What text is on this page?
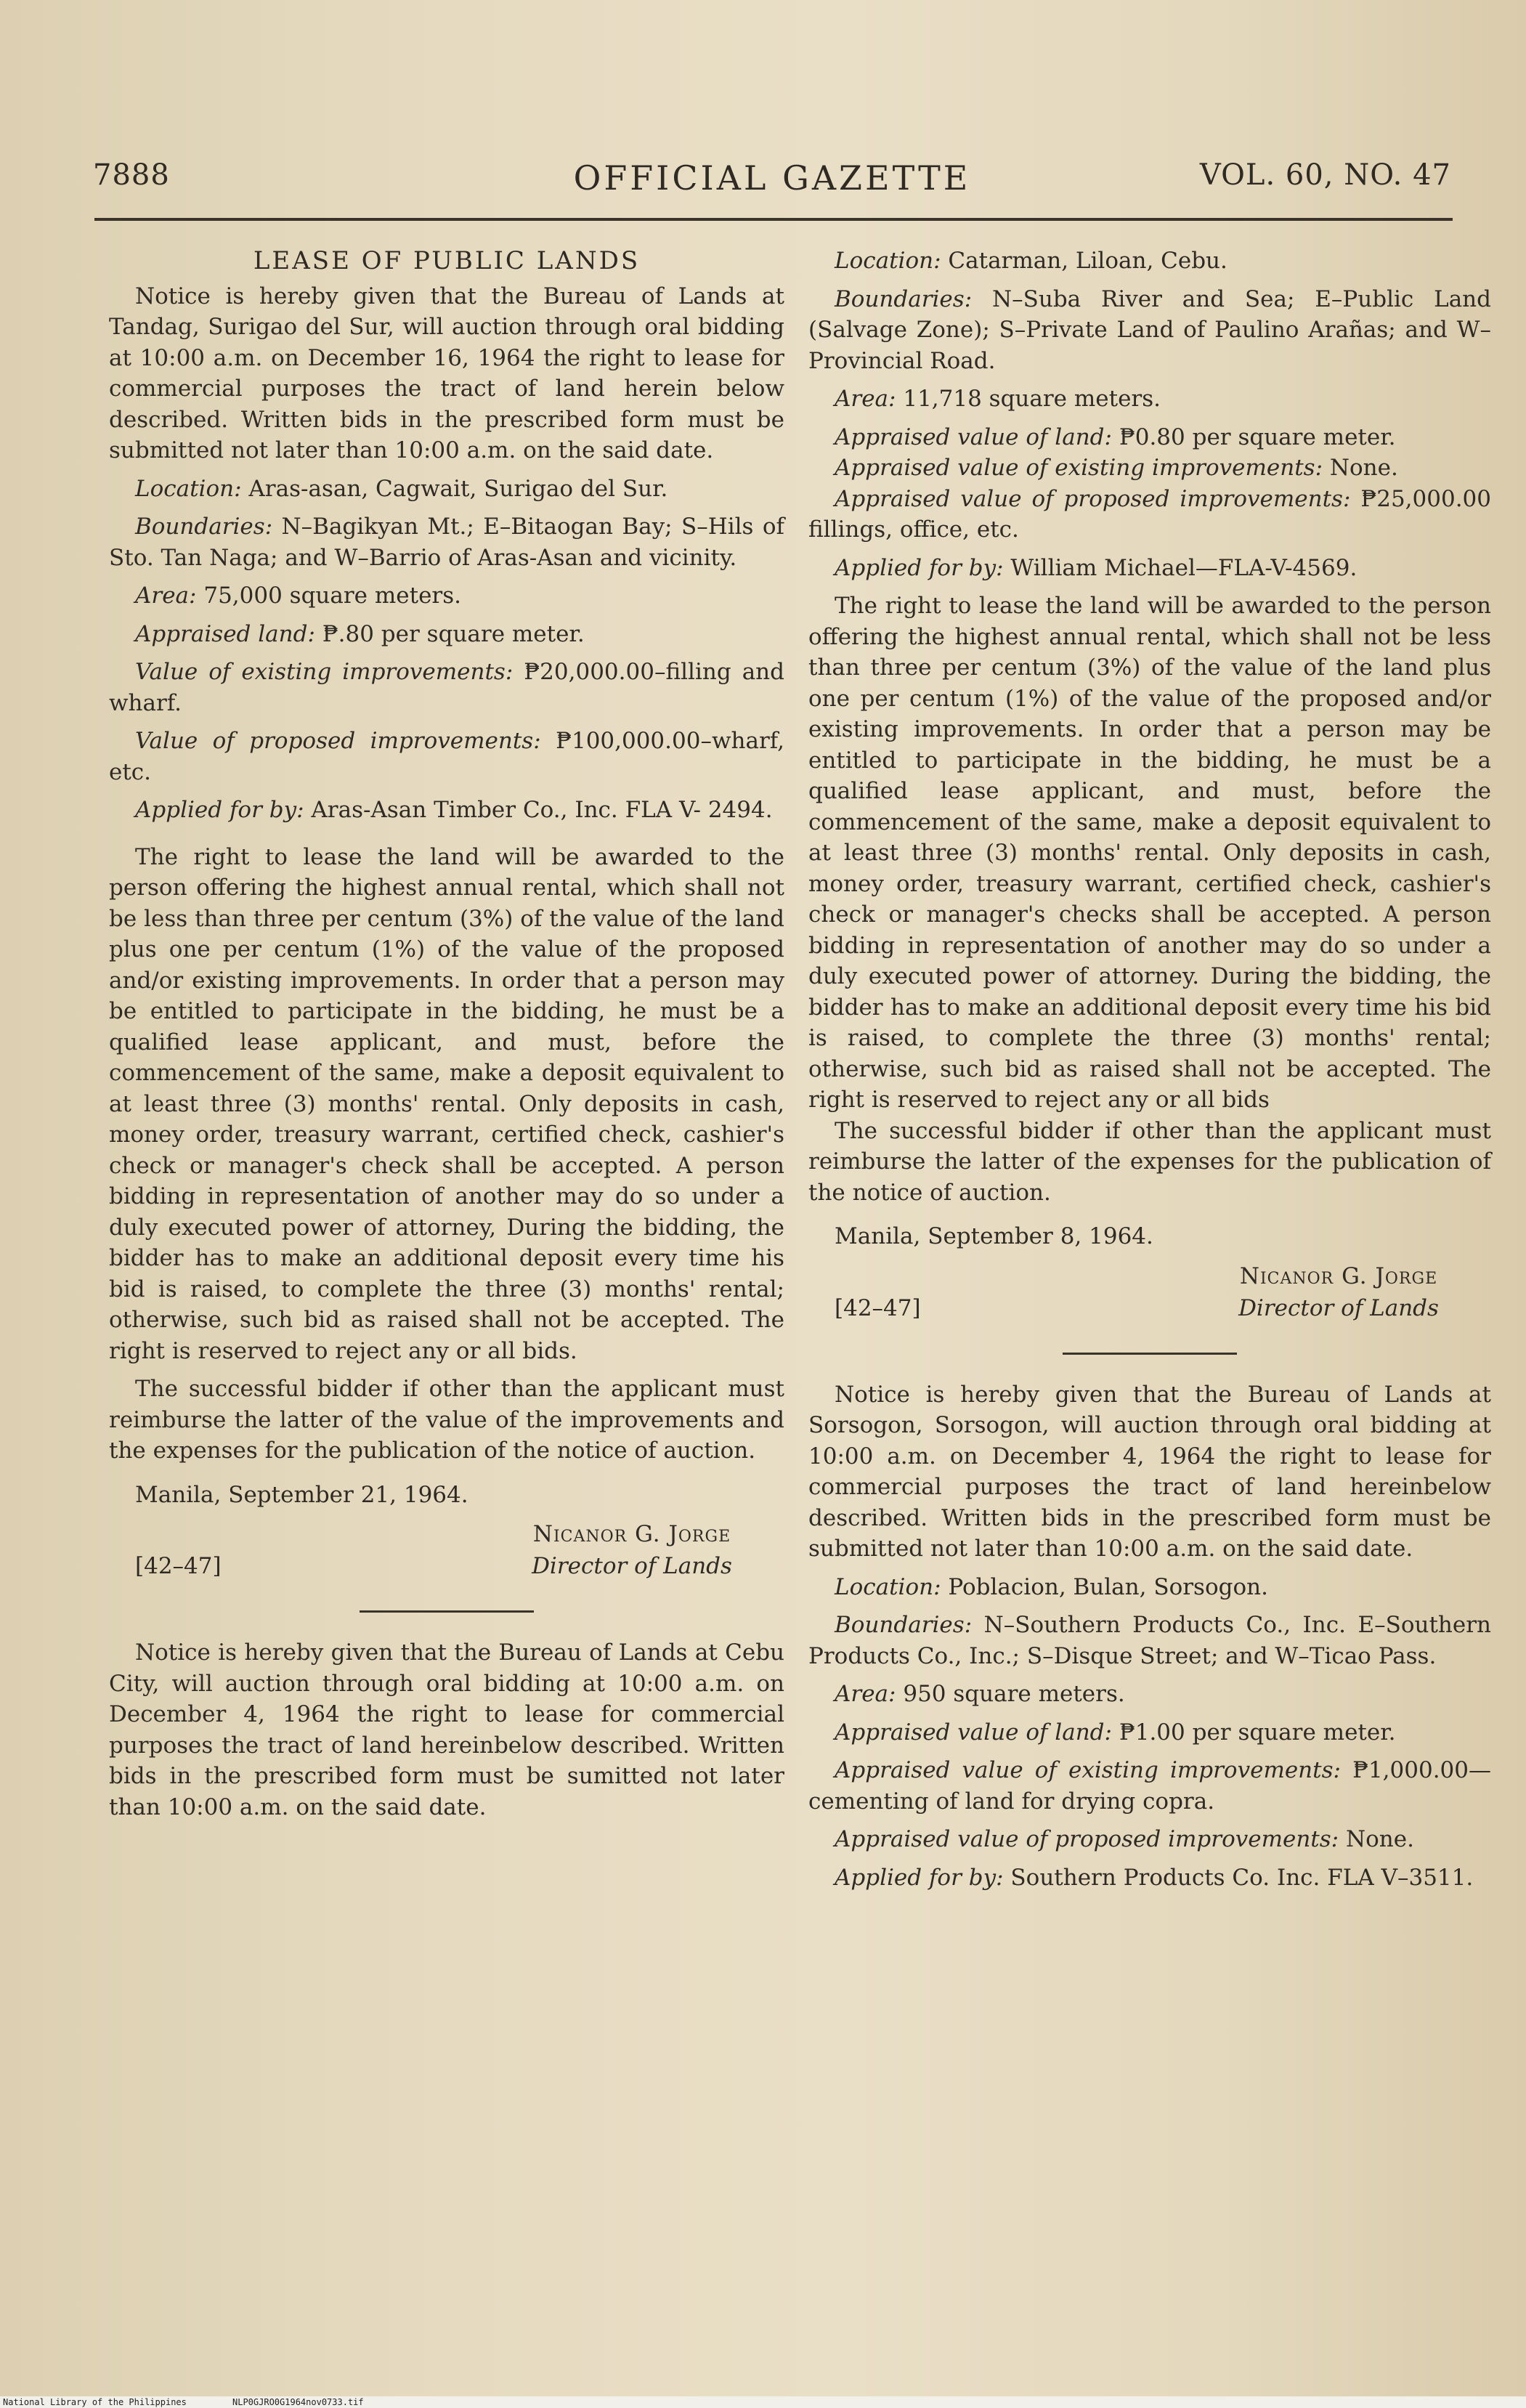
7888	OFFICIAL GAZETTE	VOL. 60, NO. 47
LEASE OF PUBLIC LANDS

Notice is hereby given that the Bureau of Lands at Tandag, Surigao del Sur, will auction through oral bidding at 10:00 a.m. on December 16, 1964 the right to lease for commercial purposes the tract of land herein below described. Written bids in the prescribed form must be submitted not later than 10:00 a.m. on the said date.

Location: Aras-asan, Cagwait, Surigao del Sur.

Boundaries: N–Bagikyan Mt.; E–Bitaogan Bay; S–Hils of Sto. Tan Naga; and W–Barrio of Aras-Asan and vicinity.

Area: 75,000 square meters.

Appraised land: ₱.80 per square meter.

Value of existing improvements: ₱20,000.00–filling and wharf.

Value of proposed improvements: ₱100,000.00–wharf, etc.

Applied for by: Aras-Asan Timber Co., Inc. FLA V- 2494.

The right to lease the land will be awarded to the person offering the highest annual rental, which shall not be less than three per centum (3%) of the value of the land plus one per centum (1%) of the value of the proposed and/or existing improvements. In order that a person may be entitled to participate in the bidding, he must be a qualified lease applicant, and must, before the commencement of the same, make a deposit equivalent to at least three (3) months' rental. Only deposits in cash, money order, treasury warrant, certified check, cashier's check or manager's check shall be accepted. A person bidding in representation of another may do so under a duly executed power of attorney, During the bidding, the bidder has to make an additional deposit every time his bid is raised, to complete the three (3) months' rental; otherwise, such bid as raised shall not be accepted. The right is reserved to reject any or all bids.

The successful bidder if other than the applicant must reimburse the latter of the value of the improvements and the expenses for the publication of the notice of auction.

Manila, September 21, 1964.
Nicanor G. Jorge
Director of Lands
[42–47]

Notice is hereby given that the Bureau of Lands at Cebu City, will auction through oral bidding at 10:00 a.m. on December 4, 1964 the right to lease for commercial purposes the tract of land hereinbelow described. Written bids in the prescribed form must be sumitted not later than 10:00 a.m. on the said date.

Location: Catarman, Liloan, Cebu.

Boundaries: N–Suba River and Sea; E–Public Land (Salvage Zone); S–Private Land of Paulino Arañas; and W–Provincial Road.

Area: 11,718 square meters.

Appraised value of land: ₱0.80 per square meter.

Appraised value of existing improvements: None.

Appraised value of proposed improvements: ₱25,000.00 fillings, office, etc.

Applied for by: William Michael—FLA-V-4569.

The right to lease the land will be awarded to the person offering the highest annual rental, which shall not be less than three per centum (3%) of the value of the land plus one per centum (1%) of the value of the proposed and/or existing improvements. In order that a person may be entitled to participate in the bidding, he must be a qualified lease applicant, and must, before the commencement of the same, make a deposit equivalent to at least three (3) months' rental. Only deposits in cash, money order, treasury warrant, certified check, cashier's check or manager's checks shall be accepted. A person bidding in representation of another may do so under a duly executed power of attorney. During the bidding, the bidder has to make an additional deposit every time his bid is raised, to complete the three (3) months' rental; otherwise, such bid as raised shall not be accepted. The right is reserved to reject any or all bids

The successful bidder if other than the applicant must reimburse the latter of the expenses for the publication of the notice of auction.

Manila, September 8, 1964.
Nicanor G. Jorge
Director of Lands
[42–47]

Notice is hereby given that the Bureau of Lands at Sorsogon, Sorsogon, will auction through oral bidding at 10:00 a.m. on December 4, 1964 the right to lease for commercial purposes the tract of land hereinbelow described. Written bids in the prescribed form must be submitted not later than 10:00 a.m. on the said date.

Location: Poblacion, Bulan, Sorsogon.

Boundaries: N–Southern Products Co., Inc. E–Southern Products Co., Inc.; S–Disque Street; and W–Ticao Pass.

Area: 950 square meters.

Appraised value of land: ₱1.00 per square meter.

Appraised value of existing improvements: ₱1,000.00—cementing of land for drying copra.

Appraised value of proposed improvements: None.

Applied for by: Southern Products Co. Inc. FLA V–3511.

National Library of the Philippines	NLP0GJRO0G1964nov0733.tif
